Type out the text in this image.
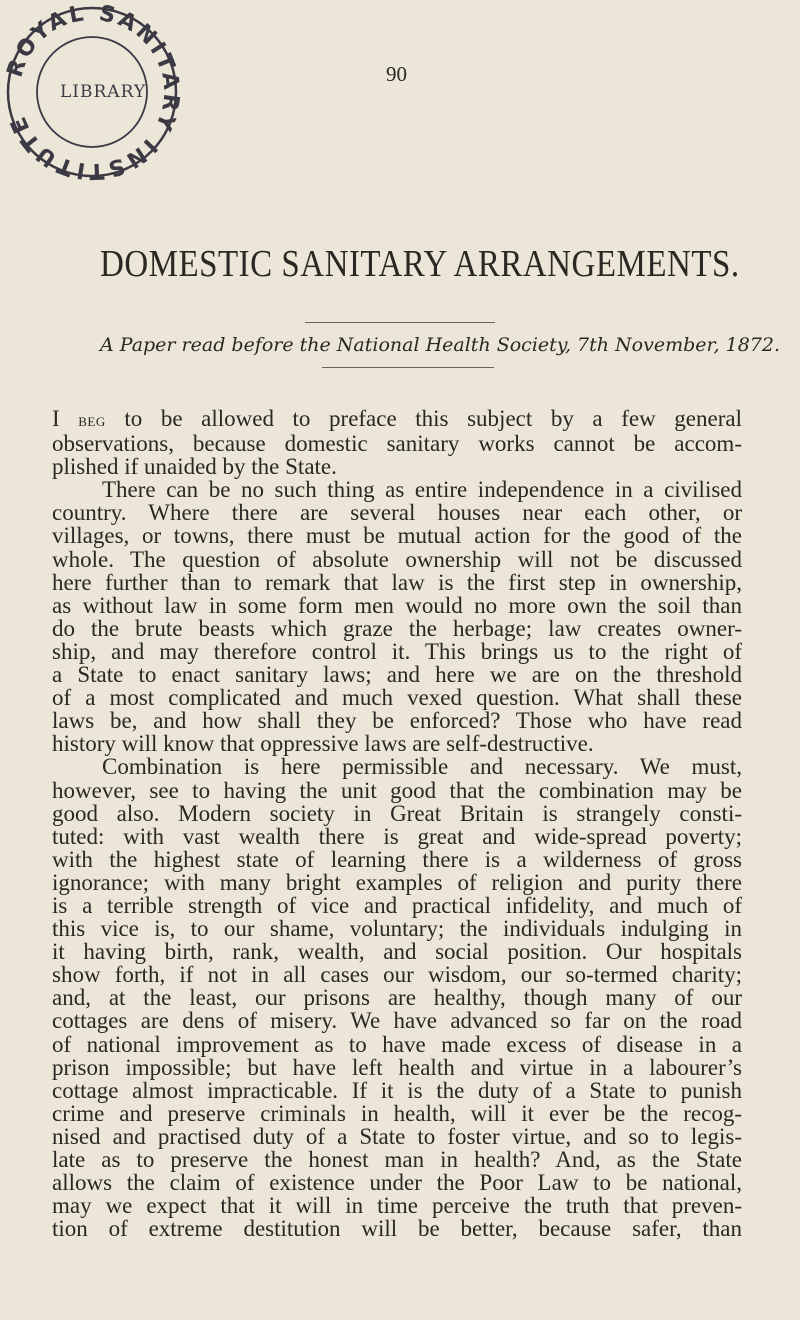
ROYAL SANITARY INSTITUTE
LIBRARY
90
DOMESTIC SANITARY ARRANGEMENTS.
A Paper read before the National Health Society, 7th November, 1872.

I beg to be allowed to preface this subject by a few general

observations, because domestic sanitary works cannot be accom-

plished if unaided by the State.

There can be no such thing as entire independence in a civilised

country. Where there are several houses near each other, or

villages, or towns, there must be mutual action for the good of the

whole. The question of absolute ownership will not be discussed

here further than to remark that law is the first step in ownership,

as without law in some form men would no more own the soil than

do the brute beasts which graze the herbage; law creates owner-

ship, and may therefore control it. This brings us to the right of

a State to enact sanitary laws; and here we are on the threshold

of a most complicated and much vexed question. What shall these

laws be, and how shall they be enforced? Those who have read

history will know that oppressive laws are self-destructive.

Combination is here permissible and necessary. We must,

however, see to having the unit good that the combination may be

good also. Modern society in Great Britain is strangely consti-

tuted: with vast wealth there is great and wide-spread poverty;

with the highest state of learning there is a wilderness of gross

ignorance; with many bright examples of religion and purity there

is a terrible strength of vice and practical infidelity, and much of

this vice is, to our shame, voluntary; the individuals indulging in

it having birth, rank, wealth, and social position. Our hospitals

show forth, if not in all cases our wisdom, our so-termed charity;

and, at the least, our prisons are healthy, though many of our

cottages are dens of misery. We have advanced so far on the road

of national improvement as to have made excess of disease in a

prison impossible; but have left health and virtue in a labourer’s

cottage almost impracticable. If it is the duty of a State to punish

crime and preserve criminals in health, will it ever be the recog-

nised and practised duty of a State to foster virtue, and so to legis-

late as to preserve the honest man in health? And, as the State

allows the claim of existence under the Poor Law to be national,

may we expect that it will in time perceive the truth that preven-

tion of extreme destitution will be better, because safer, than
